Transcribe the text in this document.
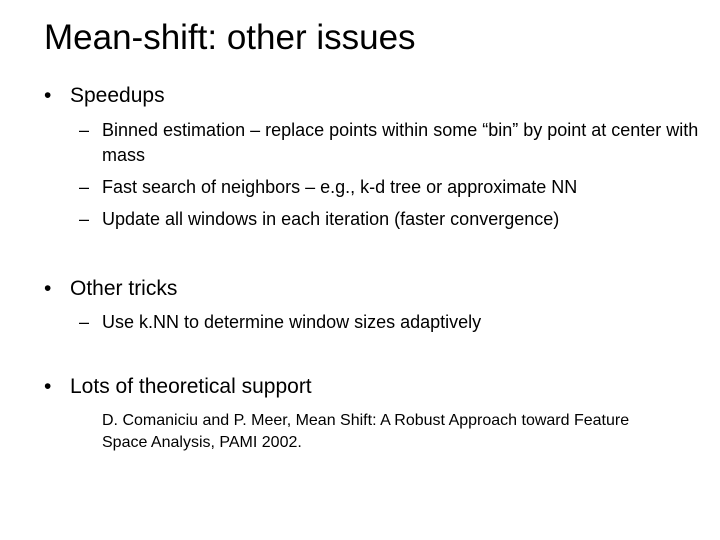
Mean-shift: other issues
• Speedups
– Binned estimation – replace points within some “bin” by point at center with mass
– Fast search of neighbors – e.g., k-d tree or approximate NN
– Update all windows in each iteration (faster convergence)
• Other tricks
– Use k.NN to determine window sizes adaptively
• Lots of theoretical support
D. Comaniciu and P. Meer, Mean Shift: A Robust Approach toward Feature Space Analysis, PAMI 2002.
